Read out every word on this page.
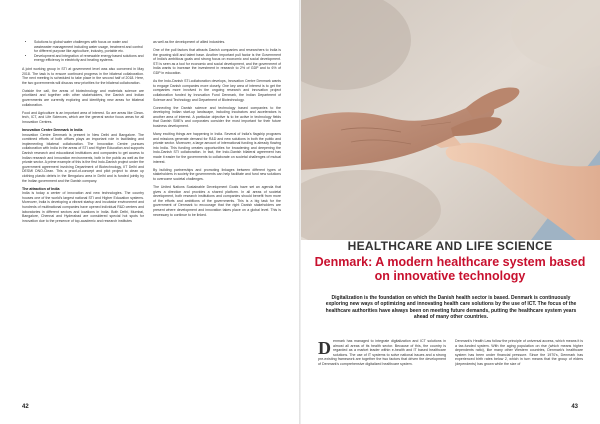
• Solutions to global water challenges with focus on water and wastewater management including water usage, treatment and control for different purpose like agriculture, industry, portable etc.
• Development and integration of renewable energy based solutions and energy efficiency in electricity and heating systems.

A joint working group in STI at government level was also convened in May 2018. The task is to ensure continued progress in the bilateral collaboration. The next meeting is scheduled to take place in the second half of 2018. Here, the two governments will discuss new priorities for the bilateral collaboration.

Outside the call, the areas of biotechnology and materials science are prioritized and together with other stakeholders, the Danish and Indian governments are currently exploring and identifying new areas for bilateral collaboration.

Food and Agriculture is an important area of interest. So are areas like Clean-tech, ICT, and Life Sciences, which are the general sector focus areas for all Innovation Centres.

Innovation Centre Denmark in India

Innovation Centre Denmark is present in New Delhi and Bangalore. The combined efforts of both offices plays an important role in facilitating and implementing bilateral collaboration. The Innovation Centre pursues collaboration with India in the areas of STI and Higher Education and supports Danish research and educational institutions and companies to get access to Indian research and innovation environments, both in the public as well as the private sector. A prime example of this is the first Indo-Danish project under the government agreement involving Department of Biotechnology, IIT Delhi and DESMI DNO-Clean. This a proof-of-concept and pilot project to clean up clothing plastic debris in the Bengaluru area in Delhi and is funded jointly by the Indian government and the Danish company.

The attraction of India

India is today a center of innovation and new technologies. The country houses one of the world's largest national STI and Higher Education systems. Moreover, India is developing a vibrant startup and incubator environment and hundreds of multinational companies have opened individual R&D centers and laboratories in different sectors and locations in India. Both Delhi, Mumbai, Bangalore, Chennai and Hyderabad are considered special hot spots for innovation due to the presence of top-academic and research institutes

as well as the development of allied industries.

One of the pull factors that attracts Danish companies and researchers to India is the growing skill and talent base. Another important pull factor is the Government of India's ambitious goals and strong focus on economic and social development. STI is seen as a tool for economic and social development, and the government of India wants to increase the investment in research to 2% of GDP and to 6% of GDP in education.

As the Indo-Danish STI-collaboration develops, Innovation Centre Denmark wants to engage Danish companies more closely. One key area of interest is to get the companies more involved in the ongoing research and innovation project collaboration funded by Innovation Fund Denmark, the Indian Department of Science and Technology and Department of Biotechnology.

Connecting the Danish science and technology based companies to the developing Indian start-up landscape, including incubators and accelerators is another area of interest. A particular objective is to be active in technology fields that Danish SME's and corporates consider the most important for their future business development.

Many exciting things are happening in India. Several of India's flagship programs and missions generate demand for R&D and new solutions in both the public and private sector. Moreover, a large amount of international funding is already flowing into India. This funding creates opportunities for broadening and deepening the Indo-Danish STI collaboration. In fact, the Indo-Danish bilateral agreement has made it easier for the governments to collaborate on societal challenges of mutual interest.

By building partnerships and promoting linkages between different types of stakeholders in society the governments can help facilitate and fund new solutions to overcome societal challenges.

The United Nations Sustainable Development Goals have set an agenda that gives a direction and provides a shared platform. In all areas of societal development, both research institutions and companies should benefit from more of the efforts and ambitions of the governments. This is a big task for the government of Denmark to encourage that the right Danish stakeholders are present where development and innovation takes place on a global level. This is necessary to continue to be linked.

42
HEALTHCARE AND LIFE SCIENCE
Denmark: A modern healthcare system based on innovative technology

Digitalization is the foundation on which the Danish health sector is based. Denmark is continuously exploring new ways of optimizing and innovating health care solutions by the use of ICT. The focus of the healthcare authorities have always been on meeting future demands, putting the healthcare system years ahead of many other countries.

Denmark has managed to integrate digitalization and ICT solutions in almost all areas of its health sector. Because of this, the country is regarded as a market leader within e-health and IT based healthcare solutions. The use of IT systems to solve national issues and a strong pre-existing framework are together the two factors that driven the development of Denmark's comprehensive digitalized healthcare system.

Denmark's Health Law follow the principle of universal access, which means it is a tax-funded system. With the aging population on rise (which means higher dependents ratio), like many other Western countries, Denmark's healthcare system has been under financial pressure. Since the 1970's, Denmark has experienced birth rates below 2, which in turn means that the group of elders (dependents) has grown while the size of

43
